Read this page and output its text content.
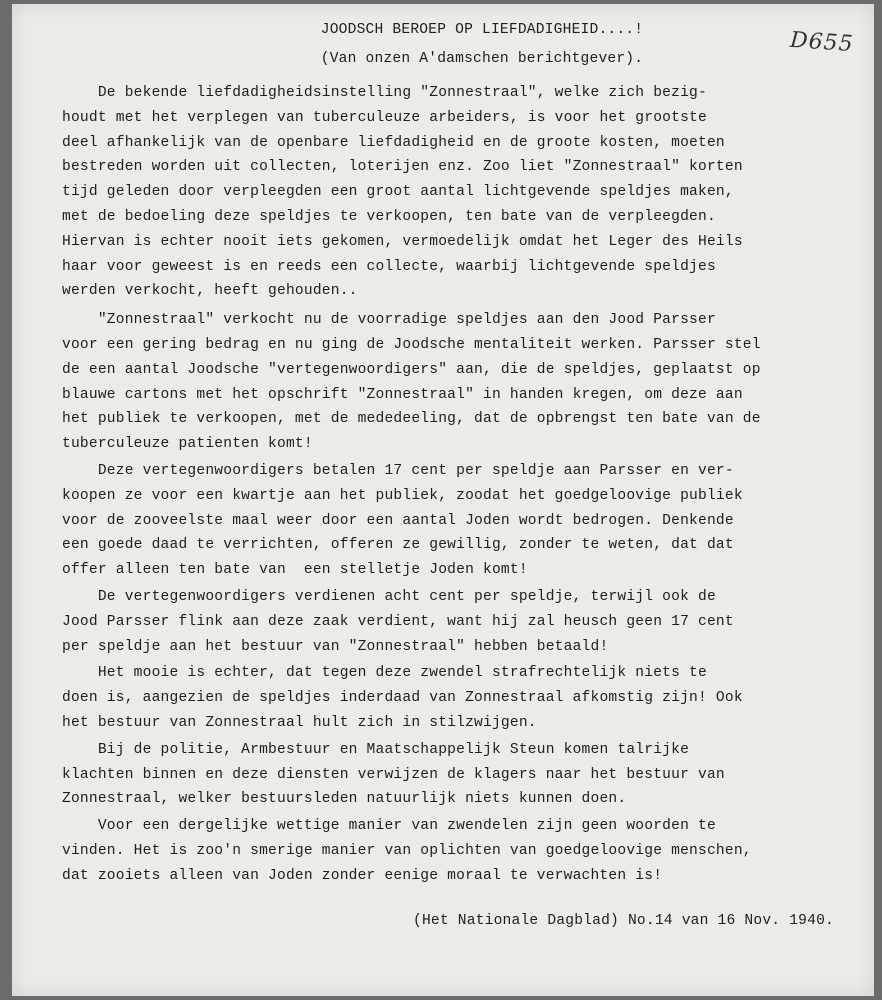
D655

JOODSCH BEROEP OP LIEFDADIGHEID....!
(Van onzen A'damschen berichtgever).

De bekende liefdadigheidsinstelling "Zonnestraal", welke zich bezig-
houdt met het verplegen van tuberculeuze arbeiders, is voor het grootste
deel afhankelijk van de openbare liefdadigheid en de groote kosten, moeten
bestreden worden uit collecten, loterijen enz. Zoo liet "Zonnestraal" korten
tijd geleden door verpleegden een groot aantal lichtgevende speldjes maken,
met de bedoeling deze speldjes te verkoopen, ten bate van de verpleegden.
Hiervan is echter nooit iets gekomen, vermoedelijk omdat het Leger des Heils
haar voor geweest is en reeds een collecte, waarbij lichtgevende speldjes
werden verkocht, heeft gehouden..
"Zonnestraal" verkocht nu de voorradige speldjes aan den Jood Parsser
voor een gering bedrag en nu ging de Joodsche mentaliteit werken. Parsser stel
de een aantal Joodsche "vertegenwoordigers" aan, die de speldjes, geplaatst op
blauwe cartons met het opschrift "Zonnestraal" in handen kregen, om deze aan
het publiek te verkoopen, met de mededeeling, dat de opbrengst ten bate van de
tuberculeuze patienten komt!
Deze vertegenwoordigers betalen 17 cent per speldje aan Parsser en ver-
koopen ze voor een kwartje aan het publiek, zoodat het goedgeloovige publiek
voor de zooveelste maal weer door een aantal Joden wordt bedrogen. Denkende
een goede daad te verrichten, offeren ze gewillig, zonder te weten, dat dat
offer alleen ten bate van  een stelletje Joden komt!
De vertegenwoordigers verdienen acht cent per speldje, terwijl ook de
Jood Parsser flink aan deze zaak verdient, want hij zal heusch geen 17 cent
per speldje aan het bestuur van "Zonnestraal" hebben betaald!
Het mooie is echter, dat tegen deze zwendel strafrechtelijk niets te
doen is, aangezien de speldjes inderdaad van Zonnestraal afkomstig zijn! Ook
het bestuur van Zonnestraal hult zich in stilzwijgen.
Bij de politie, Armbestuur en Maatschappelijk Steun komen talrijke
klachten binnen en deze diensten verwijzen de klagers naar het bestuur van
Zonnestraal, welker bestuursleden natuurlijk niets kunnen doen.
Voor een dergelijke wettige manier van zwendelen zijn geen woorden te
vinden. Het is zoo'n smerige manier van oplichten van goedgeloovige menschen,
dat zooiets alleen van Joden zonder eenige moraal te verwachten is!
(Het Nationale Dagblad) No.14 van 16 Nov. 1940.
